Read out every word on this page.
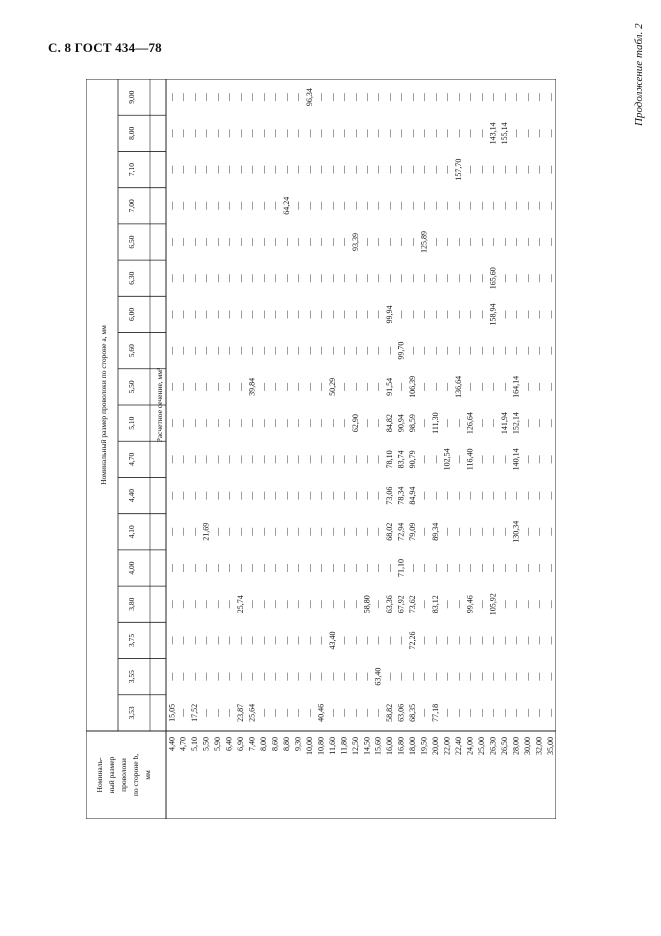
С. 8 ГОСТ 434—78	Продолжение табл. 2
Номиналь- ный размер проволоки по стороне b, мм
Номинальный размер проволоки по стороне a, мм
3,53
3,55
3,75
3,80
4,00
4,10
4,40
4,70
5,10
5,50
5,60
6,00
6,30
6,50
7,00
7,10
8,00
9,00
Расчетное сечение, мм²
4,40
15,05
—
—
—
—
—
—
—
—
—
—
—
—
—
—
—
—
—
4,70
—
—
—
—
—
—
—
—
—
—
—
—
—
—
—
—
—
—
5,10
17,52
—
—
—
—
—
—
—
—
—
—
—
—
—
—
—
—
—
5,50
—
—
—
—
—
21,69
—
—
—
—
—
—
—
—
—
—
—
—
5,90
—
—
—
—
—
—
—
—
—
—
—
—
—
—
—
—
—
—
6,40
—
—
—
—
—
—
—
—
—
—
—
—
—
—
—
—
—
—
6,90
23,87
—
—
25,74
—
—
—
—
—
—
—
—
—
—
—
—
—
—
7,40
25,64
—
—
—
—
—
—
—
—
39,84
—
—
—
—
—
—
—
—
8,00
—
—
—
—
—
—
—
—
—
—
—
—
—
—
—
—
—
—
8,60
—
—
—
—
—
—
—
—
—
—
—
—
—
—
—
—
—
—
8,80
—
—
—
—
—
—
—
—
—
—
—
—
—
—
64,24
—
—
—
9,30
—
—
—
—
—
—
—
—
—
—
—
—
—
—
—
—
—
—
10,00
—
—
—
—
—
—
—
—
—
—
—
—
—
—
—
—
—
96,34
10,80
40,46
—
—
—
—
—
—
—
—
—
—
—
—
—
—
—
—
—
11,60
—
—
43,40
—
—
—
—
—
—
50,29
—
—
—
—
—
—
—
—
11,80
—
—
—
—
—
—
—
—
—
—
—
—
—
—
—
—
—
—
12,50
—
—
—
—
—
—
—
—
62,90
—
—
—
—
93,39
—
—
—
—
14,50
—
—
—
58,80
—
—
—
—
—
—
—
—
—
—
—
—
—
—
15,60
—
63,40
—
—
—
—
—
—
—
—
—
—
—
—
—
—
—
—
16,00
58,82
—
—
63,36
—
68,02
73,06
78,10
84,82
91,54
—
99,94
—
—
—
—
—
—
16,80
63,06
—
—
67,92
71,10
72,94
78,34
83,74
90,94
—
99,70
—
—
—
—
—
—
—
18,00
68,35
—
72,26
73,62
—
79,09
84,94
90,79
98,59
106,39
—
—
—
—
—
—
—
—
19,50
—
—
—
—
—
—
—
—
—
—
—
—
—
125,89
—
—
—
—
20,00
77,18
—
—
83,12
—
89,34
—
—
111,30
—
—
—
—
—
—
—
—
—
22,00
—
—
—
—
—
—
—
102,54
—
—
—
—
—
—
—
—
—
—
22,40
—
—
—
—
—
—
—
—
—
136,64
—
—
—
—
—
157,70
—
—
24,00
—
—
—
99,46
—
—
—
116,40
126,64
—
—
—
—
—
—
—
—
—
25,00
—
—
—
—
—
—
—
—
—
—
—
—
—
—
—
—
—
—
26,30
—
—
—
105,92
—
—
—
—
—
—
—
158,94
165,60
—
—
—
143,14
—
26,50
—
—
—
—
—
—
—
—
141,94
—
—
—
—
—
—
—
155,14
—
28,00
—
—
—
—
—
130,34
—
140,14
152,14
164,14
—
—
—
—
—
—
—
—
30,00
—
—
—
—
—
—
—
—
—
—
—
—
—
—
—
—
—
—
32,00
—
—
—
—
—
—
—
—
—
—
—
—
—
—
—
—
—
—
35,00
—
—
—
—
—
—
—
—
—
—
—
—
—
—
—
—
—
—
